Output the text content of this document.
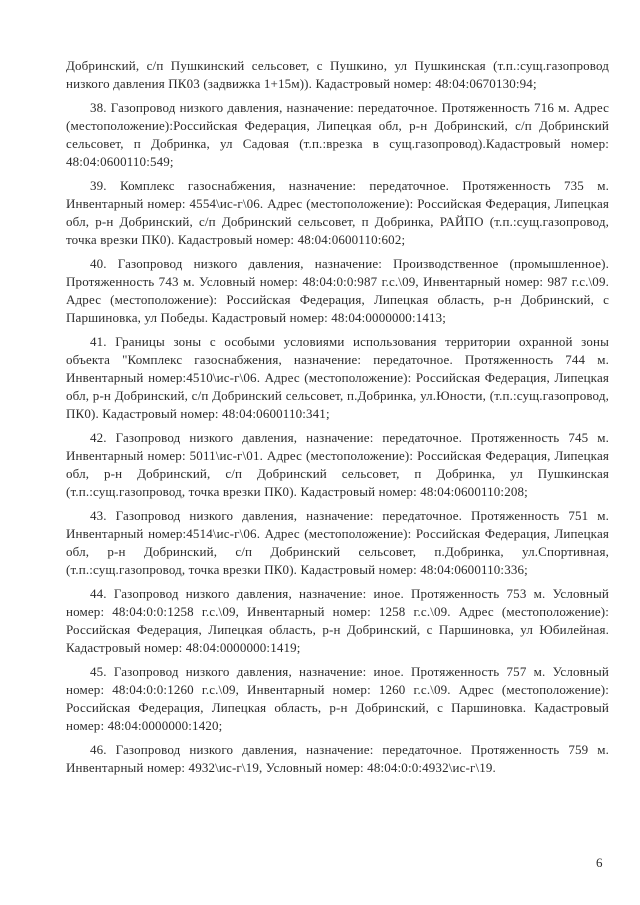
Добринский, с/п Пушкинский сельсовет, с Пушкино, ул Пушкинская (т.п.:сущ.газопровод низкого давления ПК03 (задвижка 1+15м)). Кадастровый номер: 48:04:0670130:94;

38. Газопровод низкого давления, назначение: передаточное. Протяженность 716 м. Адрес (местоположение):Российская Федерация, Липецкая обл, р-н Добринский, с/п Добринский сельсовет, п Добринка, ул Садовая (т.п.:врезка в сущ.газопровод).Кадастровый номер: 48:04:0600110:549;

39. Комплекс газоснабжения, назначение: передаточное. Протяженность 735 м. Инвентарный номер: 4554\ис-г\06. Адрес (местоположение): Российская Федерация, Липецкая обл, р-н Добринский, с/п Добринский сельсовет, п Добринка, РАЙПО (т.п.:сущ.газопровод, точка врезки ПК0). Кадастровый номер: 48:04:0600110:602;

40. Газопровод низкого давления, назначение: Производственное (промышленное). Протяженность 743 м. Условный номер: 48:04:0:0:987 г.с.\09, Инвентарный номер: 987 г.с.\09. Адрес (местоположение): Российская Федерация, Липецкая область, р-н Добринский, с Паршиновка, ул Победы. Кадастровый номер: 48:04:0000000:1413;

41. Границы зоны с особыми условиями использования территории охранной зоны объекта "Комплекс газоснабжения, назначение: передаточное. Протяженность 744 м. Инвентарный номер:4510\ис-г\06. Адрес (местоположение): Российская Федерация, Липецкая обл, р-н Добринский, с/п Добринский сельсовет, п.Добринка, ул.Юности, (т.п.:сущ.газопровод, ПК0). Кадастровый номер: 48:04:0600110:341;

42. Газопровод низкого давления, назначение: передаточное. Протяженность 745 м. Инвентарный номер: 5011\ис-г\01. Адрес (местоположение): Российская Федерация, Липецкая обл, р-н Добринский, с/п Добринский сельсовет, п Добринка, ул Пушкинская (т.п.:сущ.газопровод, точка врезки ПК0). Кадастровый номер: 48:04:0600110:208;

43. Газопровод низкого давления, назначение: передаточное. Протяженность 751 м. Инвентарный номер:4514\ис-г\06. Адрес (местоположение): Российская Федерация, Липецкая обл, р-н Добринский, с/п Добринский сельсовет, п.Добринка, ул.Спортивная, (т.п.:сущ.газопровод, точка врезки ПК0). Кадастровый номер: 48:04:0600110:336;

44. Газопровод низкого давления, назначение: иное. Протяженность 753 м. Условный номер: 48:04:0:0:1258 г.с.\09, Инвентарный номер: 1258 г.с.\09. Адрес (местоположение): Российская Федерация, Липецкая область, р-н Добринский, с Паршиновка, ул Юбилейная. Кадастровый номер: 48:04:0000000:1419;

45. Газопровод низкого давления, назначение: иное. Протяженность 757 м. Условный номер: 48:04:0:0:1260 г.с.\09, Инвентарный номер: 1260 г.с.\09. Адрес (местоположение): Российская Федерация, Липецкая область, р-н Добринский, с Паршиновка. Кадастровый номер: 48:04:0000000:1420;

46. Газопровод низкого давления, назначение: передаточное. Протяженность 759 м. Инвентарный номер: 4932\ис-г\19, Условный номер: 48:04:0:0:4932\ис-г\19.

6
